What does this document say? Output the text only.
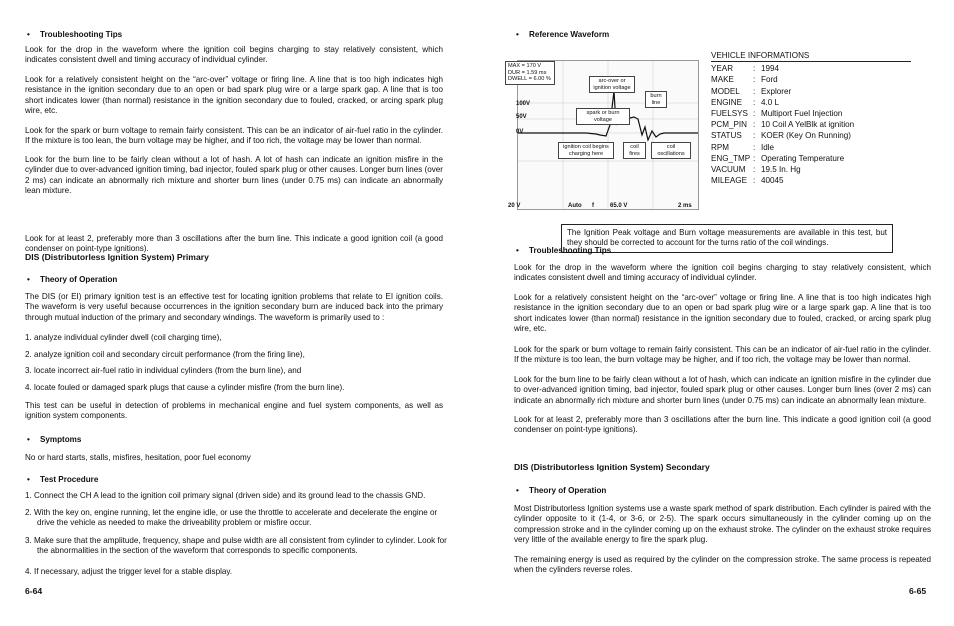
• Troubleshooting Tips

Look for the drop in the waveform where the ignition coil begins charging to stay relatively consistent, which indicates consistent dwell and timing accuracy of individual cylinder.

Look for a relatively consistent height on the “arc-over” voltage or firing line. A line that is too high indicates high resistance in the ignition secondary due to an open or bad spark plug wire or a large spark gap. A line that is too short indicates lower (than normal) resistance in the ignition secondary due to fouled, cracked, or arcing spark plug wire, etc.

Look for the spark or burn voltage to remain fairly consistent. This can be an indicator of air-fuel ratio in the cylinder. If the mixture is too lean, the burn voltage may be higher, and if too rich, the voltage may be lower than normal.

Look for the burn line to be fairly clean without a lot of hash. A lot of hash can indicate an ignition misfire in the cylinder due to over-advanced ignition timing, bad injector, fouled spark plug or other causes. Longer burn lines (over 2 ms) can indicate an abnormally rich mixture and shorter burn lines (under 0.75 ms) can indicate an abnormally lean mixture.

Look for at least 2, preferably more than 3 oscillations after the burn line. This indicate a good ignition coil (a good condenser on point-type ignitions).

DIS (Distributorless Ignition System) Primary
• Theory of Operation

The DIS (or EI) primary ignition test is an effective test for locating ignition problems that relate to EI ignition coils. The waveform is very useful because occurrences in the ignition secondary burn are induced back into the primary through mutual induction of the primary and secondary windings. The waveform is primarily used to :

1. analyze individual cylinder dwell (coil charging time),
2. analyze ignition coil and secondary circuit performance (from the firing line),
3. locate incorrect air-fuel ratio in individual cylinders (from the burn line), and
4. locate fouled or damaged spark plugs that cause a cylinder misfire (from the burn line).

This test can be useful in detection of problems in mechanical engine and fuel system components, as well as ignition system components.

• Symptoms
No or hard starts, stalls, misfires, hesitation, poor fuel economy
• Test Procedure
1. Connect the CH A lead to the ignition coil primary signal (driven side) and its ground lead to the chassis GND.
2. With the key on, engine running, let the engine idle, or use the throttle to accelerate and decelerate the engine or drive the vehicle as needed to make the driveability problem or misfire occur.
3. Make sure that the amplitude, frequency, shape and pulse width are all consistent from cylinder to cylinder. Look for the abnormalities in the section of the waveform that corresponds to specific components.
4. If necessary, adjust the trigger level for a stable display.
6-64
• Reference Waveform
MAX = 170 V
DUR = 1.59 ms
DWELL = 6.00 %
100V
50V
0V
arc-over or ignition voltage
burn line
spark or burn voltage
ignition coil begins charging here
coil fires
coil oscillations
20 V	Auto f	65.0 V	2 ms
VEHICLE INFORMATIONS
YEAR	: 1994
MAKE	: Ford
MODEL	: Explorer
ENGINE	: 4.0 L
FUELSYS : Multiport Fuel Injection
PCM_PIN : 10 Coil A YelBlk at ignition
STATUS	: KOER (Key On Running)
RPM	: Idle
ENG_TMP : Operating Temperature
VACUUM : 19.5 In. Hg
MILEAGE : 40045
The Ignition Peak voltage and Burn voltage measurements are available in this test, but they should be corrected to account for the turns ratio of the coil windings.
• Troubleshooting Tips

Look for the drop in the waveform where the ignition coil begins charging to stay relatively consistent, which indicates consistent dwell and timing accuracy of individual cylinder.

Look for a relatively consistent height on the “arc-over” voltage or firing line. A line that is too high indicates high resistance in the ignition secondary due to an open or bad spark plug wire or a large spark gap. A line that is too short indicates lower (than normal) resistance in the ignition secondary due to fouled, cracked, or arcing spark plug wire, etc.

Look for the spark or burn voltage to remain fairly consistent. This can be an indicator of air-fuel ratio in the cylinder. If the mixture is too lean, the burn voltage may be higher, and if too rich, the voltage may be lower than normal.

Look for the burn line to be fairly clean without a lot of hash, which can indicate an ignition misfire in the cylinder due to over-advanced ignition timing, bad injector, fouled spark plug or other causes. Longer burn lines (over 2 ms) can indicate an abnormally rich mixture and shorter burn lines (under 0.75 ms) can indicate an abnormally lean mixture.

Look for at least 2, preferably more than 3 oscillations after the burn line. This indicate a good ignition coil (a good condenser on point-type ignitions).

DIS (Distributorless Ignition System) Secondary
• Theory of Operation

Most Distributorless Ignition systems use a waste spark method of spark distribution. Each cylinder is paired with the cylinder opposite to it (1-4, or 3-6, or 2-5). The spark occurs simultaneously in the cylinder coming up on the compression stroke and in the cylinder coming up on the exhaust stroke. The cylinder on the exhaust stroke requires very little of the available energy to fire the spark plug.

The remaining energy is used as required by the cylinder on the compression stroke. The same process is repeated when the cylinders reverse roles.

6-65
